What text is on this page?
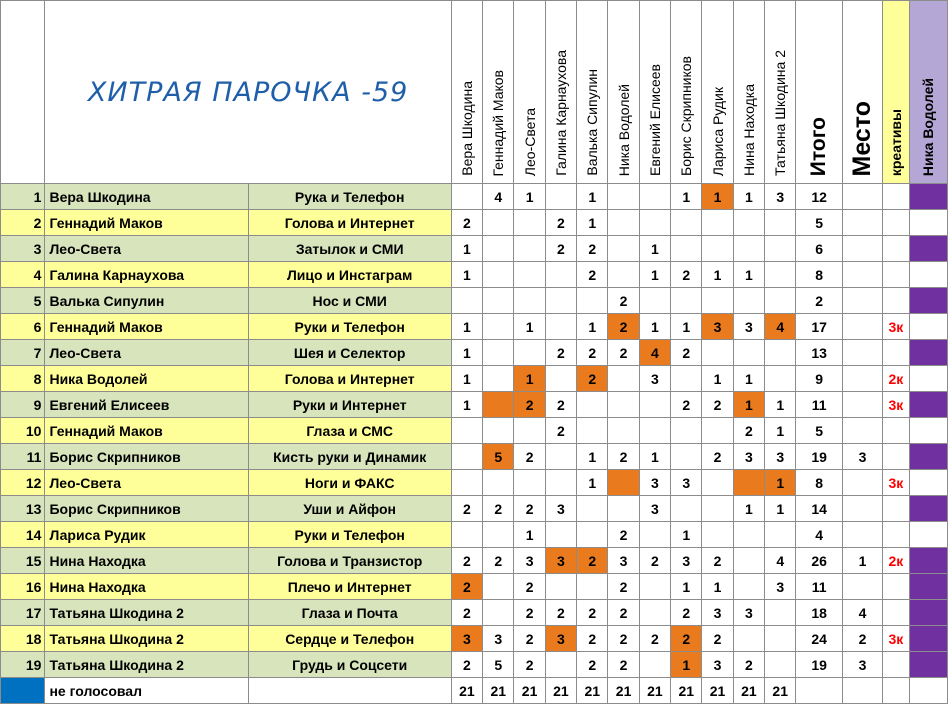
	ХИТРАЯ ПАРОЧКА -59		Вера Шкодина	Геннадий Маков	Лео-Света	Галина Карнаухова	Валька Сипулин	Ника Водолей	Евгений Елисеев	Борис Скрипников	Лариса Рудик	Нина Находка	Татьяна Шкодина 2	Итого	Место	креативы	Ника Водолей
1	Вера Шкодина	Рука и Телефон		4	1		1			1	1	1	3	12			
2	Геннадий Маков	Голова и Интернет	2			2	1							5			
3	Лео-Света	Затылок и СМИ	1			2	2		1					6			
4	Галина Карнаухова	Лицо и Инстаграм	1				2		1	2	1	1		8			
5	Валька Сипулин	Нос и СМИ						2						2			
6	Геннадий Маков	Руки и Телефон	1		1		1	2	1	1	3	3	4	17		3к	
7	Лео-Света	Шея и Селектор	1			2	2	2	4	2				13			
8	Ника Водолей	Голова и Интернет	1		1		2		3		1	1		9		2к	
9	Евгений Елисеев	Руки и Интернет	1		2	2				2	2	1	1	11		3к	
10	Геннадий Маков	Глаза и СМС				2						2	1	5			
11	Борис Скрипников	Кисть руки и Динамик		5	2		1	2	1		2	3	3	19	3		
12	Лео-Света	Ноги и ФАКС					1		3	3			1	8		3к	
13	Борис Скрипников	Уши и Айфон	2	2	2	3			3			1	1	14			
14	Лариса Рудик	Руки и Телефон			1			2		1				4			
15	Нина Находка	Голова и Транзистор	2	2	3	3	2	3	2	3	2		4	26	1	2к	
16	Нина Находка	Плечо и Интернет	2		2			2		1	1		3	11			
17	Татьяна Шкодина 2	Глаза и Почта	2		2	2	2	2		2	3	3		18	4		
18	Татьяна Шкодина 2	Сердце и Телефон	3	3	2	3	2	2	2	2	2			24	2	3к	
19	Татьяна Шкодина 2	Грудь и Соцсети	2	5	2		2	2		1	3	2		19	3		
	не голосовал		21	21	21	21	21	21	21	21	21	21	21				
